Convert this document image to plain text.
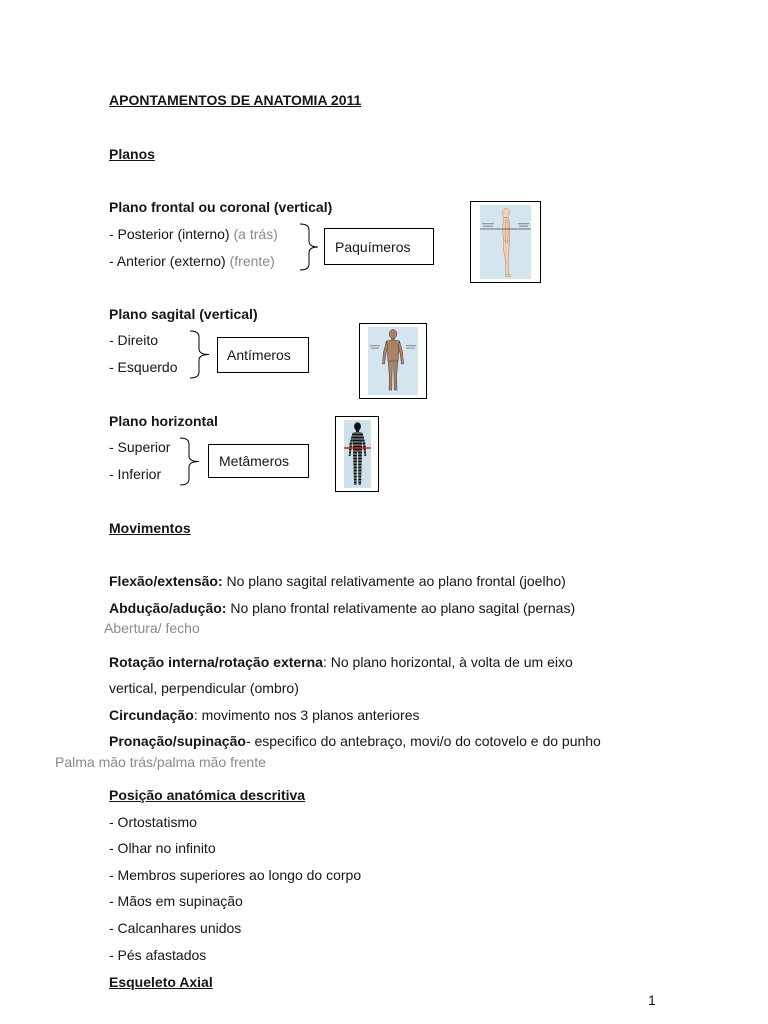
APONTAMENTOS DE ANATOMIA 2011
Planos
Plano frontal ou coronal (vertical)
- Posterior (interno) (a trás)
- Anterior (externo) (frente)
Paquímeros
Plano sagital (vertical)
- Direito
- Esquerdo
Antímeros
Plano horizontal
- Superior
- Inferior
Metâmeros
Movimentos
Flexão/extensão: No plano sagital relativamente ao plano frontal (joelho)
Abdução/adução: No plano frontal relativamente ao plano sagital (pernas)
Abertura/ fecho
Rotação interna/rotação externa: No plano horizontal, à volta de um eixo
vertical, perpendicular (ombro)
Circundação: movimento nos 3 planos anteriores
Pronação/supinação- especifico do antebraço, movi/o do cotovelo e do punho
Palma mão trás/palma mão frente
Posição anatómica descritiva
- Ortostatismo
- Olhar no infinito
- Membros superiores ao longo do corpo
- Mãos em supinação
- Calcanhares unidos
- Pés afastados
Esqueleto Axial
1
